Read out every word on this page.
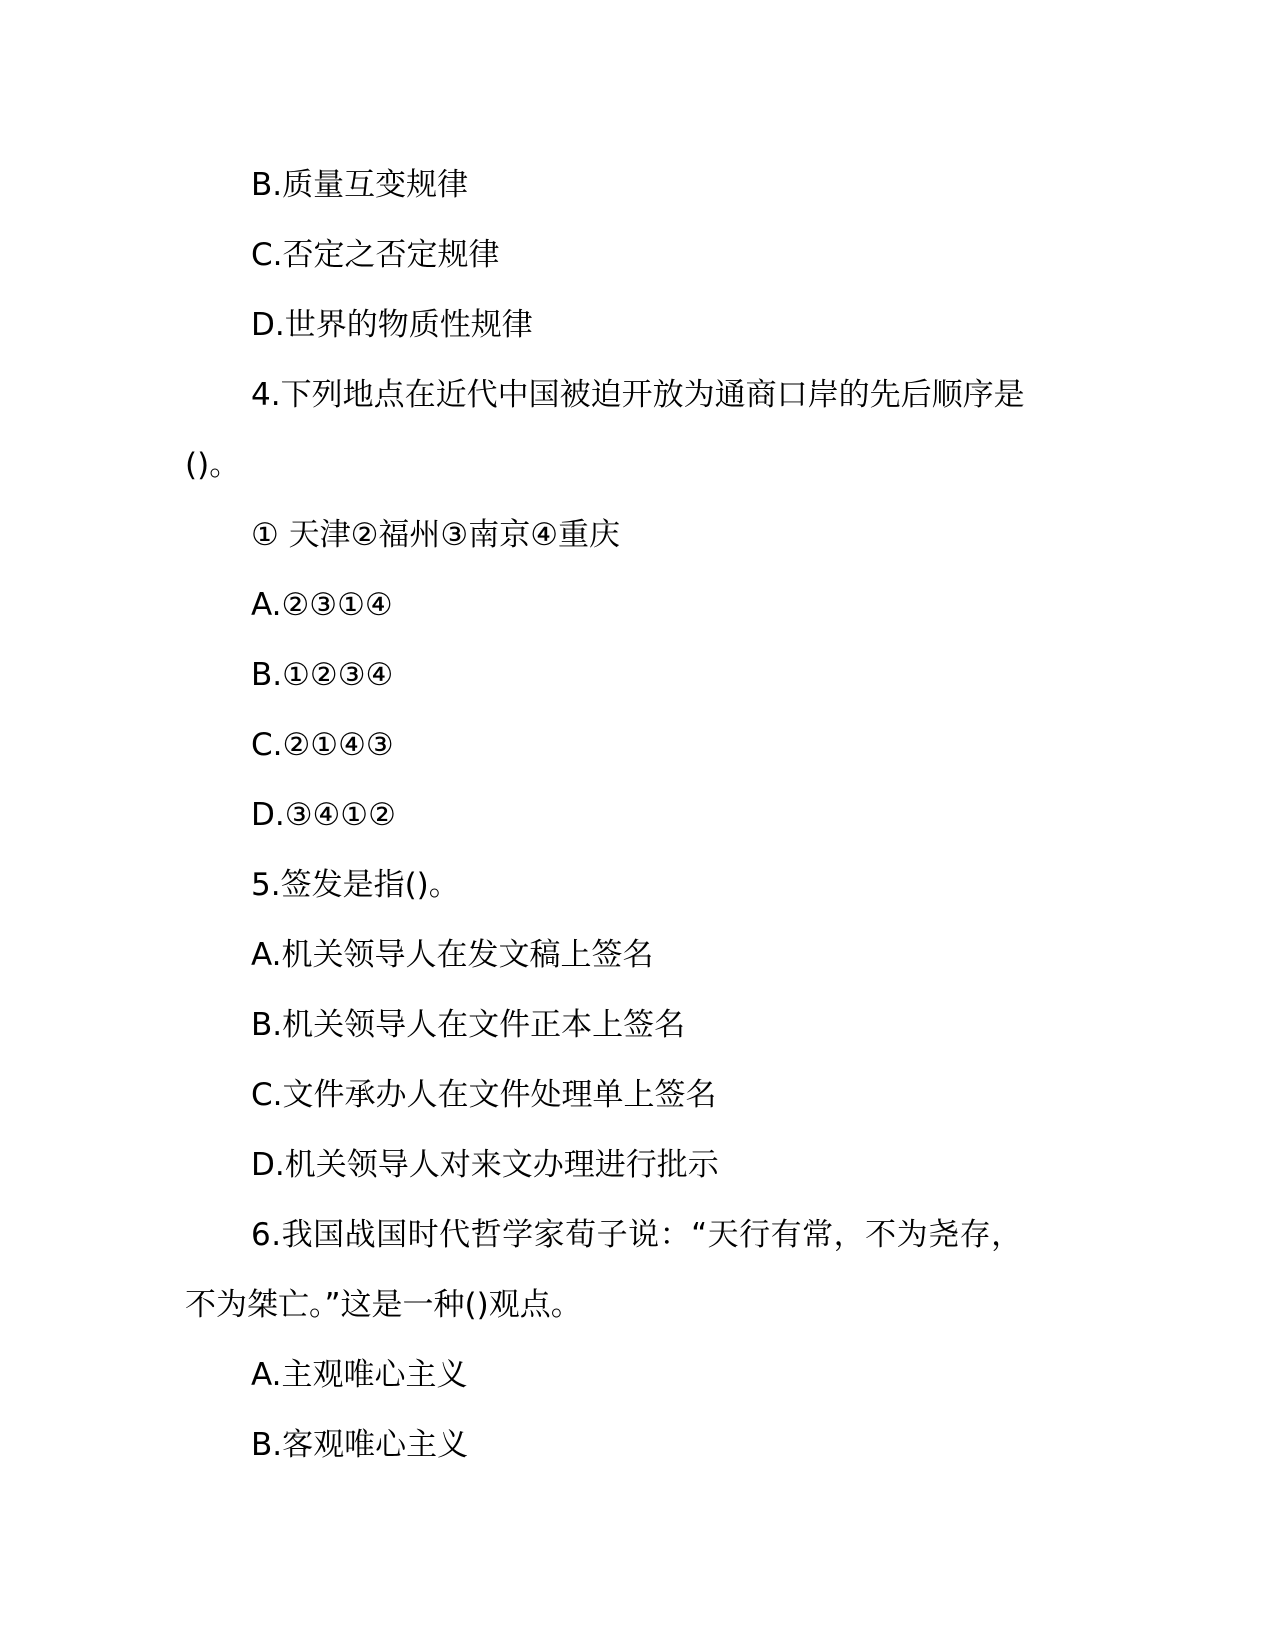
B.质量互变规律
C.否定之否定规律
D.世界的物质性规律
4.下列地点在近代中国被迫开放为通商口岸的先后顺序是
()。
① 天津②福州③南京④重庆
A.②③①④
B.①②③④
C.②①④③
D.③④①②
5.签发是指()。
A.机关领导人在发文稿上签名
B.机关领导人在文件正本上签名
C.文件承办人在文件处理单上签名
D.机关领导人对来文办理进行批示
6.我国战国时代哲学家荀子说：“天行有常，不为尧存，
不为桀亡。”这是一种()观点。
A.主观唯心主义
B.客观唯心主义
